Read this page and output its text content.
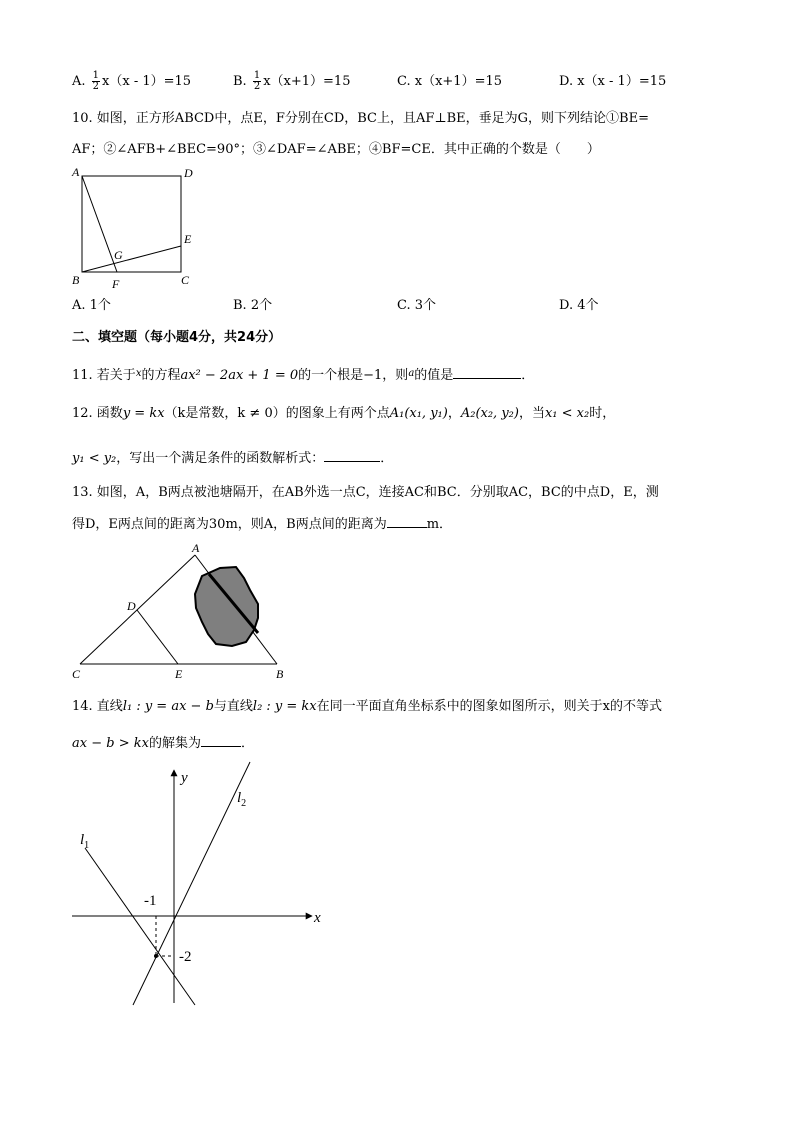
A. $\frac{1}{2} x(x - 1)=15$	B. $\frac{1}{2} x(x+1)=15$	C. x（x+1）=15	D. x（x - 1）=15
10. 如图，正方形ABCD中，点E，F分别在CD，BC上，且AF⊥BE，垂足为G，则下列结论①BE=
AF；②∠AFB+∠BEC=90°；③∠DAF=∠ABE；④BF=CE．其中正确的个数是（　　）
A	D
E
G
B	F	C
A. 1个	B. 2个	C. 3个	D. 4个
二、填空题（每小题4分，共24分）
11. 若关于$^x$的方程ax² − 2ax + 1 = 0的一个根是−1，则$^a$的值是	．
12. 函数y = kx（k是常数，k ≠ 0）的图象上有两个点A₁(x₁, y₁)，A₂(x₂, y₂)，当x₁ < x₂时，
y₁ < y₂，写出一个满足条件的函数解析式：	．
13. 如图，A，B两点被池塘隔开，在AB外选一点C，连接AC和BC．分别取AC，BC的中点D，E，测
得D，E两点间的距离为30m，则A，B两点间的距离为	m．
A
D
C	E	B
14. 直线l₁ : y = ax − b与直线l₂ : y = kx在同一平面直角坐标系中的图象如图所示，则关于x的不等式
ax − b > kx的解集为	．
y
x
$l_1$
$l_2$
-1
-2
